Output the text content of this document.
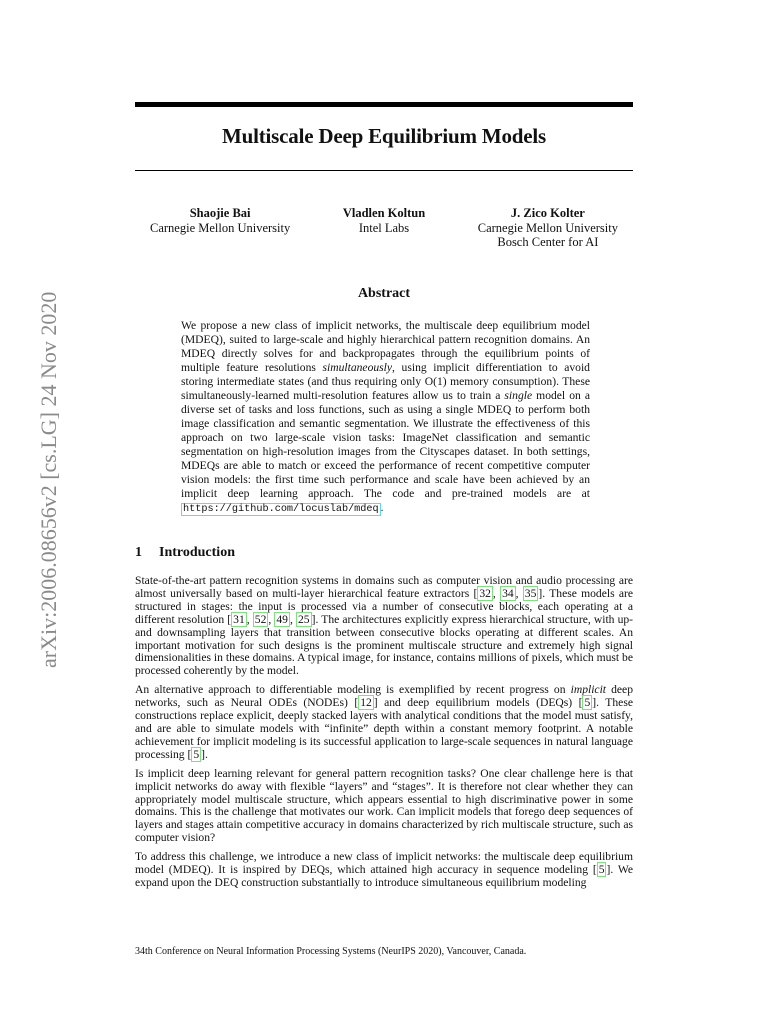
arXiv:2006.08656v2 [cs.LG] 24 Nov 2020
Multiscale Deep Equilibrium Models
Shaojie Bai
Carnegie Mellon University
Vladlen Koltun
Intel Labs
J. Zico Kolter
Carnegie Mellon University
Bosch Center for AI
Abstract
We propose a new class of implicit networks, the multiscale deep equilibrium model (MDEQ), suited to large-scale and highly hierarchical pattern recognition domains. An MDEQ directly solves for and backpropagates through the equilibrium points of multiple feature resolutions simultaneously, using implicit differentiation to avoid storing intermediate states (and thus requiring only O(1) memory consumption). These simultaneously-learned multi-resolution features allow us to train a single model on a diverse set of tasks and loss functions, such as using a single MDEQ to perform both image classification and semantic segmentation. We illustrate the effectiveness of this approach on two large-scale vision tasks: ImageNet classification and semantic segmentation on high-resolution images from the Cityscapes dataset. In both settings, MDEQs are able to match or exceed the performance of recent competitive computer vision models: the first time such performance and scale have been achieved by an implicit deep learning approach. The code and pre-trained models are at https://github.com/locuslab/mdeq .
1 Introduction

State-of-the-art pattern recognition systems in domains such as computer vision and audio processing are almost universally based on multi-layer hierarchical feature extractors [ 32 , 34 , 35 ]. These models are structured in stages: the input is processed via a number of consecutive blocks, each operating at a different resolution [ 31 , 52 , 49 , 25 ]. The architectures explicitly express hierarchical structure, with up- and downsampling layers that transition between consecutive blocks operating at different scales. An important motivation for such designs is the prominent multiscale structure and extremely high signal dimensionalities in these domains. A typical image, for instance, contains millions of pixels, which must be processed coherently by the model.

An alternative approach to differentiable modeling is exemplified by recent progress on implicit deep networks, such as Neural ODEs (NODEs) [ 12 ] and deep equilibrium models (DEQs) [ 5 ]. These constructions replace explicit, deeply stacked layers with analytical conditions that the model must satisfy, and are able to simulate models with “infinite” depth within a constant memory footprint. A notable achievement for implicit modeling is its successful application to large-scale sequences in natural language processing [ 5 ].

Is implicit deep learning relevant for general pattern recognition tasks? One clear challenge here is that implicit networks do away with flexible “layers” and “stages”. It is therefore not clear whether they can appropriately model multiscale structure, which appears essential to high discriminative power in some domains. This is the challenge that motivates our work. Can implicit models that forego deep sequences of layers and stages attain competitive accuracy in domains characterized by rich multiscale structure, such as computer vision?

To address this challenge, we introduce a new class of implicit networks: the multiscale deep equilibrium model (MDEQ). It is inspired by DEQs, which attained high accuracy in sequence modeling [ 5 ]. We expand upon the DEQ construction substantially to introduce simultaneous equilibrium modeling

34th Conference on Neural Information Processing Systems (NeurIPS 2020), Vancouver, Canada.
